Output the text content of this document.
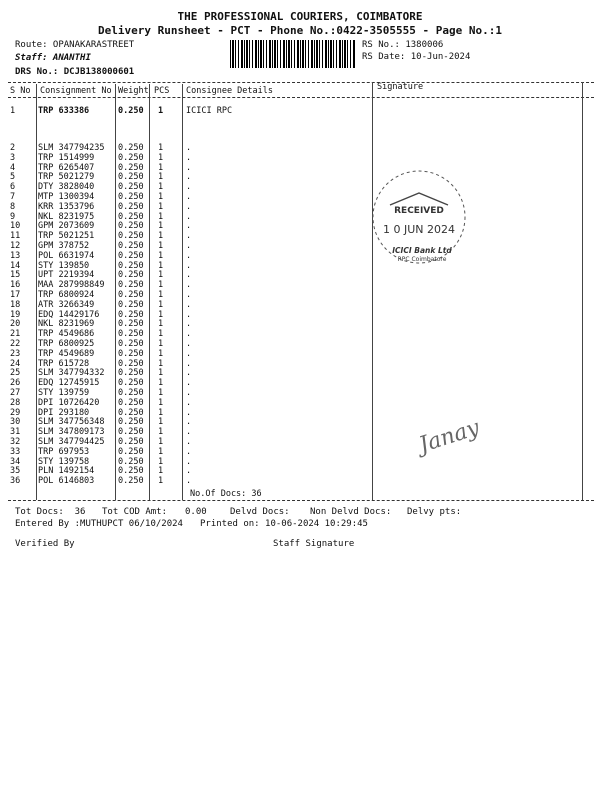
THE PROFESSIONAL COURIERS, COIMBATORE
Delivery Runsheet - PCT - Phone No.:0422-3505555 - Page No.:1
Route: OPANAKARASTREET
Staff: ANANTHI
DRS No.: DCJB138000601
RS No.: 1380006
RS Date: 10-Jun-2024
S No Consignment No Weight PCS Consignee Details	Signature
1	TRP 633386	0.250 1	ICICI RPC
2	SLM 347794235 0.250 1	.
3	TRP 1514999	0.250 1	.
4	TRP 6265407	0.250 1	.
5	TRP 5021279	0.250 1	.
6	DTY 3828040	0.250 1	.
7	MTP 1300394	0.250 1	.
8	KRR 1353796	0.250 1	.
9	NKL 8231975	0.250 1	.
10 GPM 2073609	0.250 1	.
11 TRP 5021251	0.250 1	.
12 GPM 378752	0.250 1	.
13 POL 6631974	0.250 1	.
14 STY 139850	0.250 1	.
15 UPT 2219394	0.250 1	.
16 MAA 287998849 0.250 1	.
17 TRP 6800924	0.250 1	.
18 ATR 3266349	0.250 1	.
19 EDQ 14429176 0.250 1	.
20 NKL 8231969	0.250 1	.
21 TRP 4549686	0.250 1	.
22 TRP 6800925	0.250 1	.
23 TRP 4549689	0.250 1	.
24 TRP 615728	0.250 1	.
25 SLM 347794332 0.250 1	.
26 EDQ 12745915 0.250 1	.
27 STY 139759	0.250 1	.
28 DPI 10726420 0.250 1	.
29 DPI 293180	0.250 1	.
30 SLM 347756348 0.250 1	.
31 SLM 347809173 0.250 1	.
32 SLM 347794425 0.250 1	.
33 TRP 697953	0.250 1	.
34 STY 139758	0.250 1	.
35 PLN 1492154	0.250 1	.
36 POL 6146803	0.250 1	.
No.Of Docs: 36
RECEIVED
1 0 JUN 2024
ICICI Bank Ltd
RPC Coimbatore
Janay
Tot Docs:  36 Tot COD Amt: 0.00	Delvd Docs: Non Delvd Docs: Delvy pts:
Entered By :MUTHUPCT 06/10/2024 Printed on: 10-06-2024 10:29:45
Verified By	Staff Signature
